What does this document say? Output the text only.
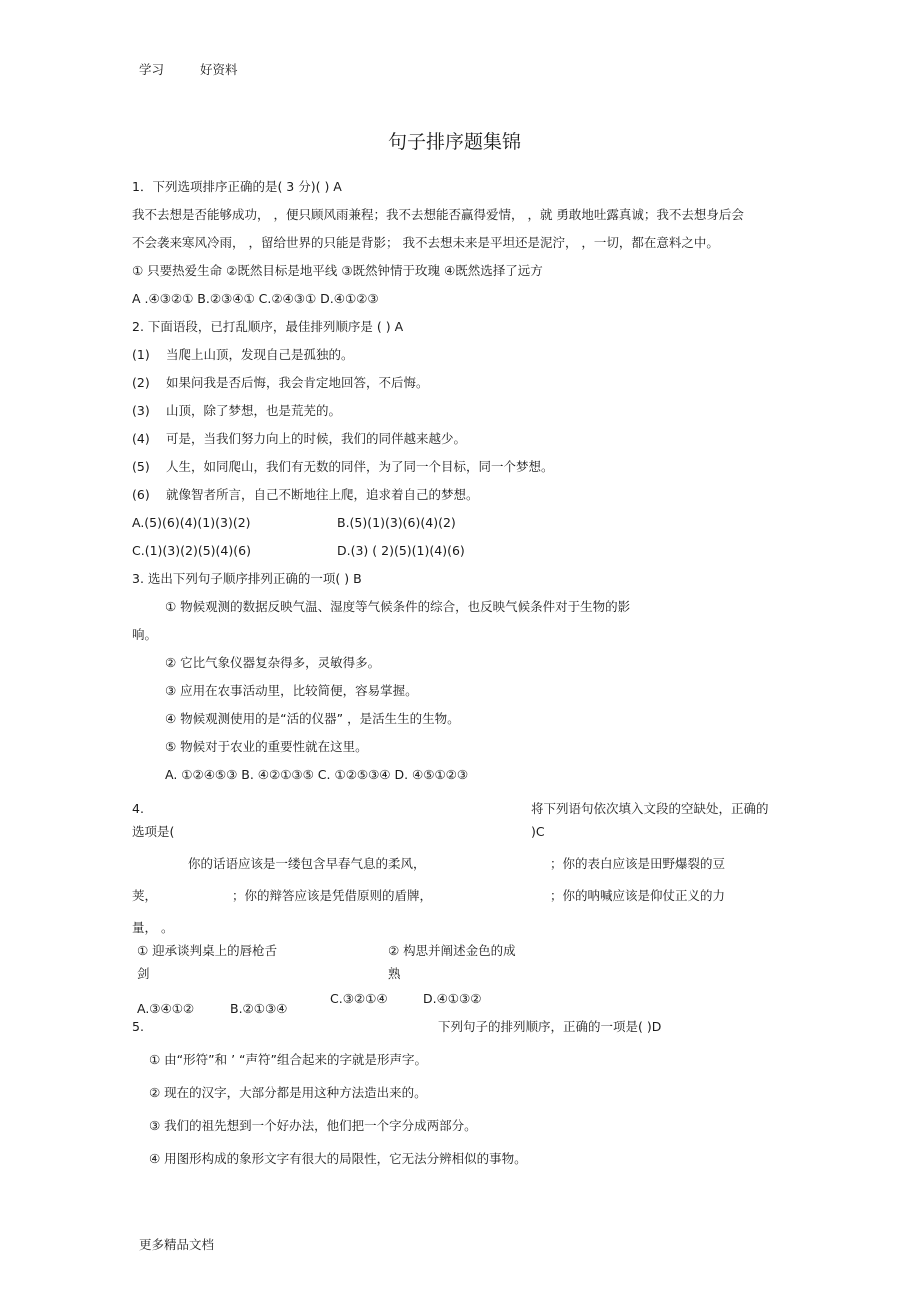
学习	好资料
句子排序题集锦
1．下列选项排序正确的是( 3 分)( ) A
我不去想是否能够成功， ，便只顾风雨兼程；我不去想能否赢得爱情， ，就 勇敢地吐露真诚；我不去想身后会
不会袭来寒风冷雨， ，留给世界的只能是背影； 我不去想未来是平坦还是泥泞， ，一切，都在意料之中。
① 只要热爱生命 ②既然目标是地平线 ③既然钟情于玫瑰 ④既然选择了远方
A .④③②① B.②③④① C.②④③① D.④①②③
2. 下面语段，已打乱顺序，最佳排列顺序是 ( ) A
(1) 当爬上山顶，发现自己是孤独的。
(2) 如果问我是否后悔，我会肯定地回答，不后悔。
(3) 山顶，除了梦想，也是荒芜的。
(4) 可是，当我们努力向上的时候，我们的同伴越来越少。
(5) 人生，如同爬山，我们有无数的同伴，为了同一个目标，同一个梦想。
(6) 就像智者所言，自己不断地往上爬，追求着自己的梦想。
A.(5)(6)(4)(1)(3)(2)	B.(5)(1)(3)(6)(4)(2)
C.(1)(3)(2)(5)(4)(6)	D.(3) ( 2)(5)(1)(4)(6)
3. 选出下列句子顺序排列正确的一项( ) B
① 物候观测的数据反映气温、湿度等气候条件的综合，也反映气候条件对于生物的影
响。
② 它比气象仪器复杂得多，灵敏得多。
③ 应用在农事活动里，比较简便，容易掌握。
④ 物候观测使用的是“活的仪器” ，是活生生的生物。
⑤ 物候对于农业的重要性就在这里。
A. ①②④⑤③ B. ④②①③⑤ C. ①②⑤③④ D. ④⑤①②③
4.	将下列语句依次填入文段的空缺处，正确的
选项是(	)C
你的话语应该是一缕包含早春气息的柔风，	；你的表白应该是田野爆裂的豆
荚，	；你的辩答应该是凭借原则的盾牌，	；你的呐喊应该是仰仗正义的力
量， 。
① 迎承谈判桌上的唇枪舌
剑
② 构思并阐述金色的成
熟
A.③④①②	B.②①③④
C.③②①④	D.④①③②
5.	下列句子的排列顺序，正确的一项是( )D
① 由“形符”和 ’ “声符”组合起来的字就是形声字。
② 现在的汉字，大部分都是用这种方法造出来的。
③ 我们的祖先想到一个好办法，他们把一个字分成两部分。
④ 用图形构成的象形文字有很大的局限性，它无法分辨相似的事物。
更多精品文档
